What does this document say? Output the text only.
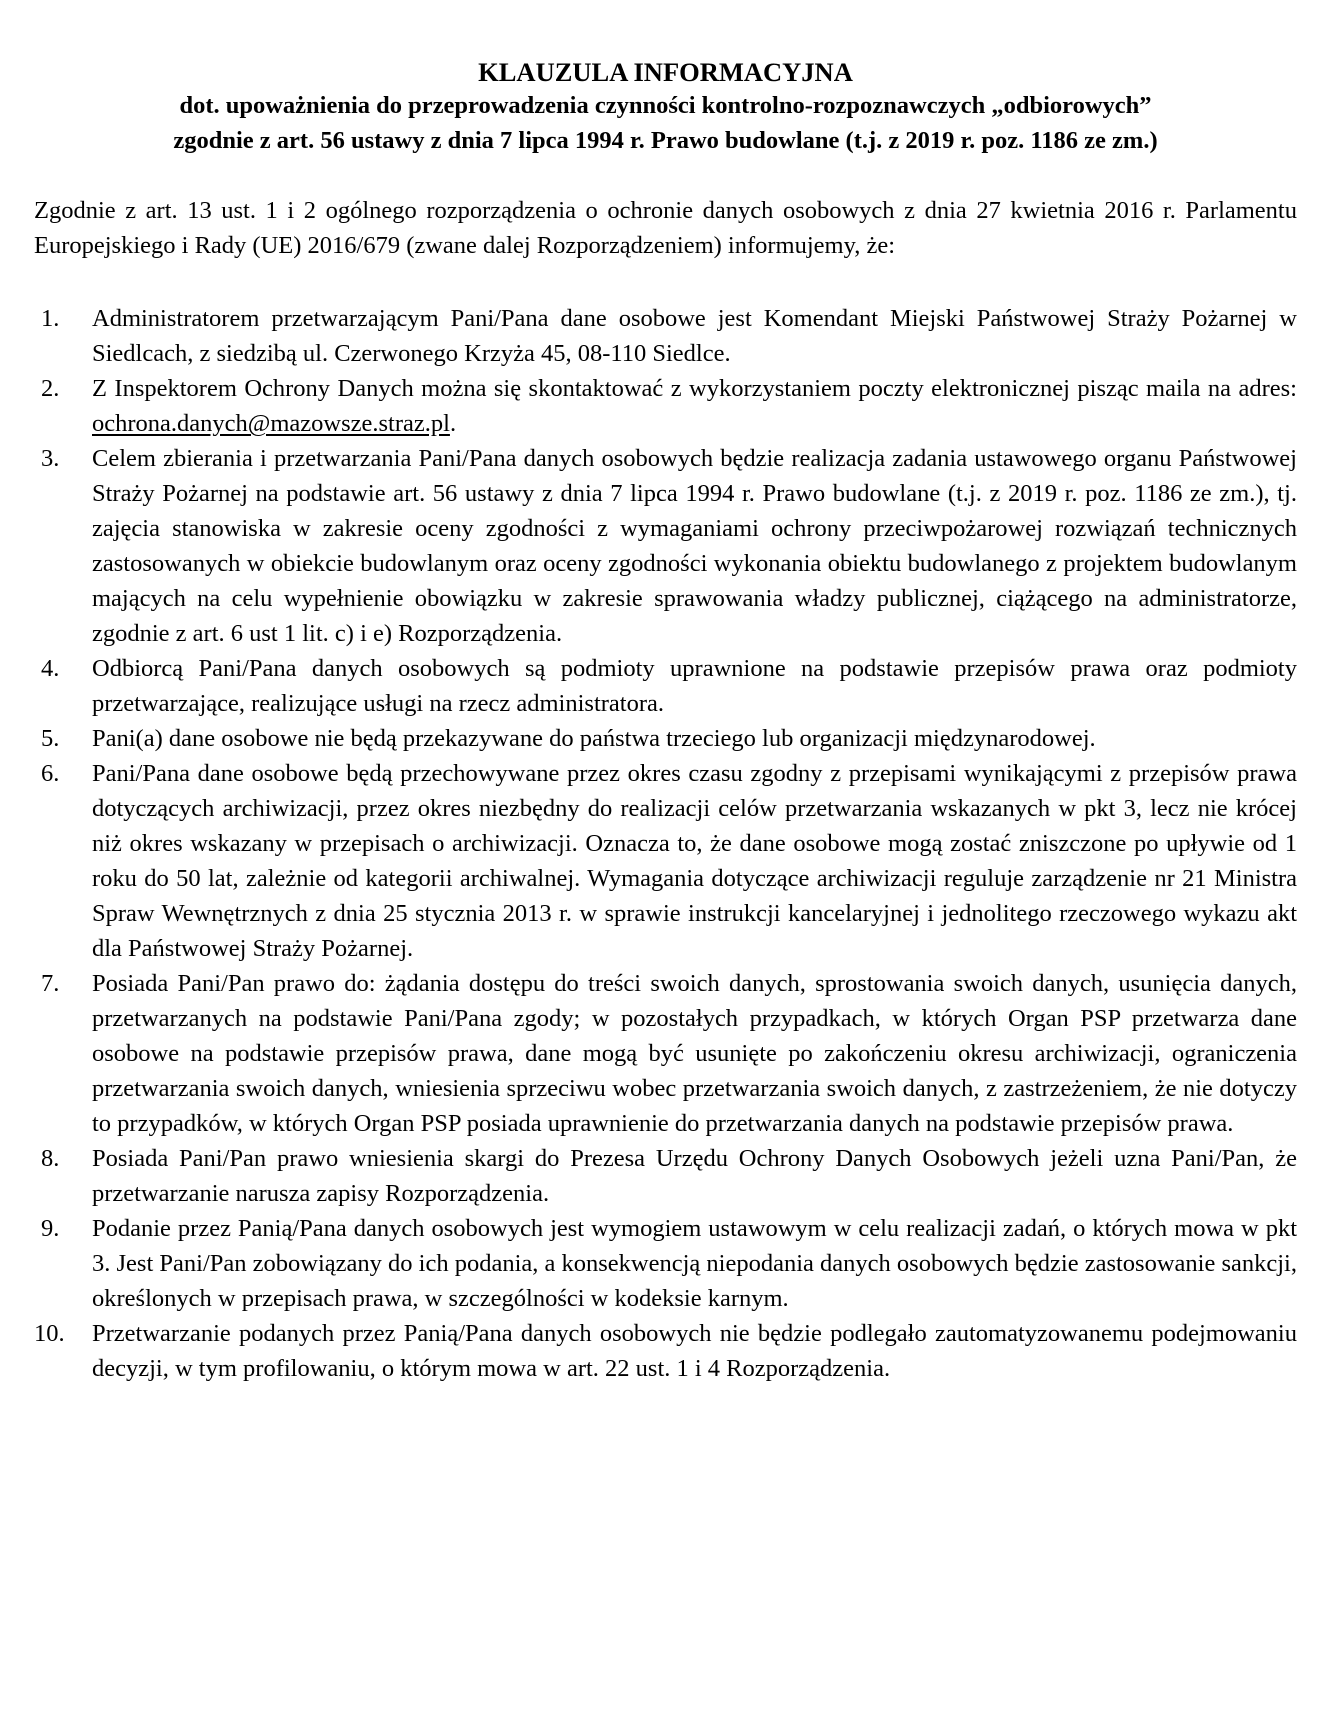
KLAUZULA INFORMACYJNA

dot. upoważnienia do przeprowadzenia czynności kontrolno-rozpoznawczych „odbiorowych”

zgodnie z art. 56 ustawy z dnia 7 lipca 1994 r. Prawo budowlane (t.j. z 2019 r. poz. 1186 ze zm.)

Zgodnie z art. 13 ust. 1 i 2 ogólnego rozporządzenia o ochronie danych osobowych z dnia 27 kwietnia 2016 r. Parlamentu Europejskiego i Rady (UE) 2016/679 (zwane dalej Rozporządzeniem) informujemy, że:

1. Administratorem przetwarzającym Pani/Pana dane osobowe jest Komendant Miejski Państwowej Straży Pożarnej w Siedlcach, z siedzibą ul. Czerwonego Krzyża 45, 08-110 Siedlce.
2. Z Inspektorem Ochrony Danych można się skontaktować z wykorzystaniem poczty elektronicznej pisząc maila na adres: ochrona.danych@mazowsze.straz.pl.
3. Celem zbierania i przetwarzania Pani/Pana danych osobowych będzie realizacja zadania ustawowego organu Państwowej Straży Pożarnej na podstawie art. 56 ustawy z dnia 7 lipca 1994 r. Prawo budowlane (t.j. z 2019 r. poz. 1186 ze zm.), tj. zajęcia stanowiska w zakresie oceny zgodności z wymaganiami ochrony przeciwpożarowej rozwiązań technicznych zastosowanych w obiekcie budowlanym oraz oceny zgodności wykonania obiektu budowlanego z projektem budowlanym mających na celu wypełnienie obowiązku w zakresie sprawowania władzy publicznej, ciążącego na administratorze, zgodnie z art. 6 ust 1 lit. c) i e) Rozporządzenia.
4. Odbiorcą Pani/Pana danych osobowych są podmioty uprawnione na podstawie przepisów prawa oraz podmioty przetwarzające, realizujące usługi na rzecz administratora.
5. Pani(a) dane osobowe nie będą przekazywane do państwa trzeciego lub organizacji międzynarodowej.
6. Pani/Pana dane osobowe będą przechowywane przez okres czasu zgodny z przepisami wynikającymi z przepisów prawa dotyczących archiwizacji, przez okres niezbędny do realizacji celów przetwarzania wskazanych w pkt 3, lecz nie krócej niż okres wskazany w przepisach o archiwizacji. Oznacza to, że dane osobowe mogą zostać zniszczone po upływie od 1 roku do 50 lat, zależnie od kategorii archiwalnej. Wymagania dotyczące archiwizacji reguluje zarządzenie nr 21 Ministra Spraw Wewnętrznych z dnia 25 stycznia 2013 r. w sprawie instrukcji kancelaryjnej i jednolitego rzeczowego wykazu akt dla Państwowej Straży Pożarnej.
7. Posiada Pani/Pan prawo do: żądania dostępu do treści swoich danych, sprostowania swoich danych, usunięcia danych, przetwarzanych na podstawie Pani/Pana zgody; w pozostałych przypadkach, w których Organ PSP przetwarza dane osobowe na podstawie przepisów prawa, dane mogą być usunięte po zakończeniu okresu archiwizacji, ograniczenia przetwarzania swoich danych, wniesienia sprzeciwu wobec przetwarzania swoich danych, z zastrzeżeniem, że nie dotyczy to przypadków, w których Organ PSP posiada uprawnienie do przetwarzania danych na podstawie przepisów prawa.
8. Posiada Pani/Pan prawo wniesienia skargi do Prezesa Urzędu Ochrony Danych Osobowych jeżeli uzna Pani/Pan, że przetwarzanie narusza zapisy Rozporządzenia.
9. Podanie przez Panią/Pana danych osobowych jest wymogiem ustawowym w celu realizacji zadań, o których mowa w pkt 3. Jest Pani/Pan zobowiązany do ich podania, a konsekwencją niepodania danych osobowych będzie zastosowanie sankcji, określonych w przepisach prawa, w szczególności w kodeksie karnym.
10. Przetwarzanie podanych przez Panią/Pana danych osobowych nie będzie podlegało zautomatyzowanemu podejmowaniu decyzji, w tym profilowaniu, o którym mowa w art. 22 ust. 1 i 4 Rozporządzenia.
